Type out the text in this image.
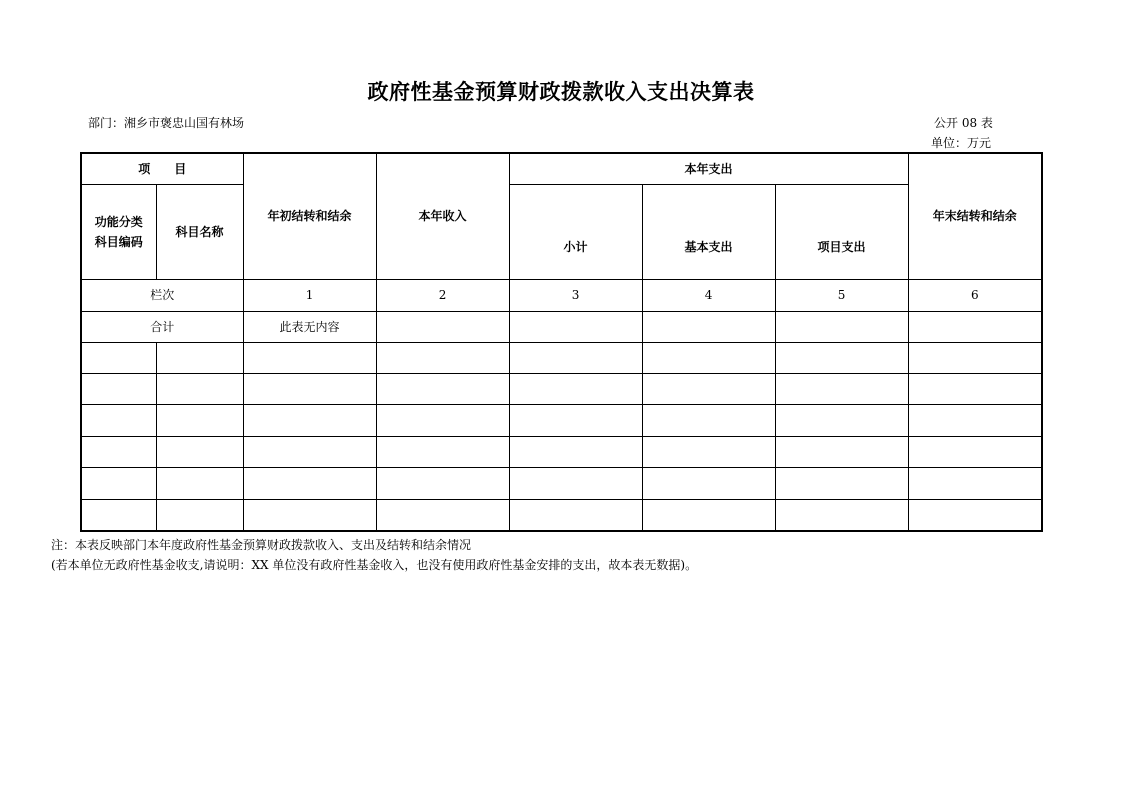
政府性基金预算财政拨款收入支出决算表
部门：湘乡市褒忠山国有林场	公开 08 表
单位：万元
项　　目		年初结转和结余	本年收入	本年支出			年末结转和结余
功能分类科目编码	科目名称			小计	基本支出	项目支出	
栏次		1	2	3	4	5	6
合计		此表无内容					

注：本表反映部门本年度政府性基金预算财政拨款收入、支出及结转和结余情况
(若本单位无政府性基金收支,请说明：XX 单位没有政府性基金收入，也没有使用政府性基金安排的支出，故本表无数据)。
